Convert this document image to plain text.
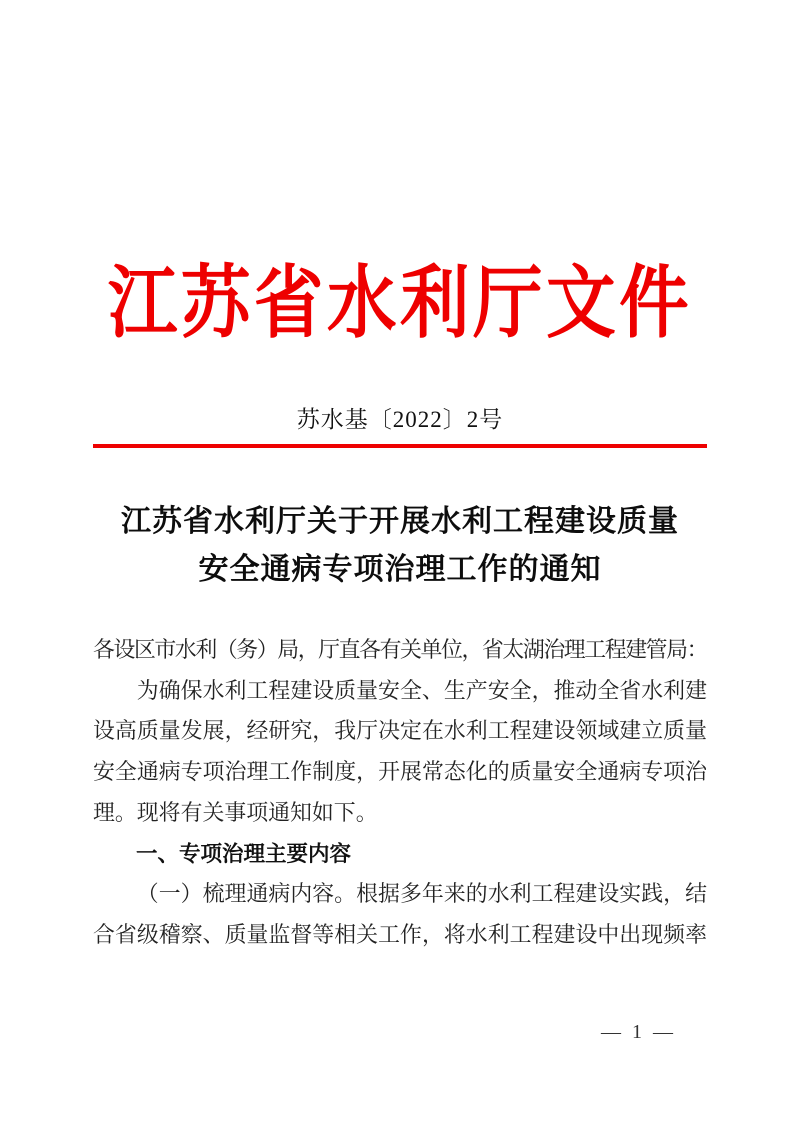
江苏省水利厅文件
苏水基〔2022〕2号
江苏省水利厅关于开展水利工程建设质量
安全通病专项治理工作的通知
各设区市水利（务）局，厅直各有关单位，省太湖治理工程建管局：
为确保水利工程建设质量安全、生产安全，推动全省水利建
设高质量发展，经研究，我厅决定在水利工程建设领域建立质量
安全通病专项治理工作制度，开展常态化的质量安全通病专项治
理。现将有关事项通知如下。
一、专项治理主要内容
（一）梳理通病内容。根据多年来的水利工程建设实践，结
合省级稽察、质量监督等相关工作，将水利工程建设中出现频率
— 1 —
